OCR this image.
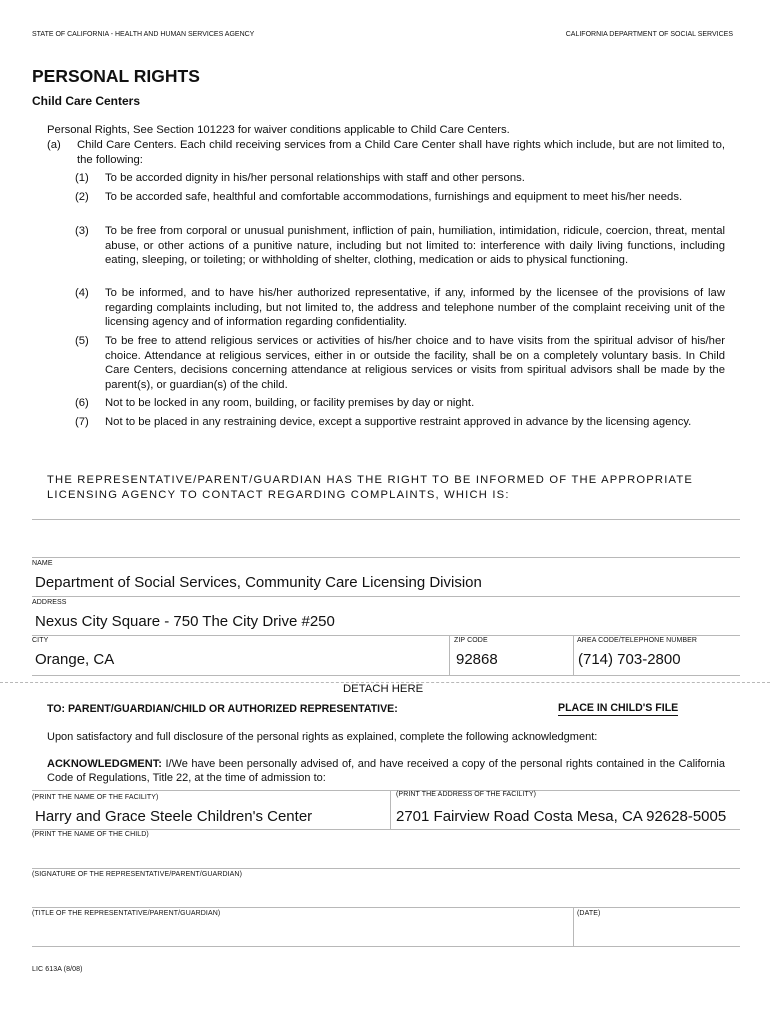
STATE OF CALIFORNIA - HEALTH AND HUMAN SERVICES AGENCY	CALIFORNIA DEPARTMENT OF SOCIAL SERVICES
PERSONAL RIGHTS
Child Care Centers
Personal Rights, See Section 101223 for waiver conditions applicable to Child Care Centers.
(a)	Child Care Centers. Each child receiving services from a Child Care Center shall have rights which include, but are not limited to, the following:
(1)	To be accorded dignity in his/her personal relationships with staff and other persons.
(2)	To be accorded safe, healthful and comfortable accommodations, furnishings and equipment to meet his/her needs.
(3)	To be free from corporal or unusual punishment, infliction of pain, humiliation, intimidation, ridicule, coercion, threat, mental abuse, or other actions of a punitive nature, including but not limited to: interference with daily living functions, including eating, sleeping, or toileting; or withholding of shelter, clothing, medication or aids to physical functioning.
(4)	To be informed, and to have his/her authorized representative, if any, informed by the licensee of the provisions of law regarding complaints including, but not limited to, the address and telephone number of the complaint receiving unit of the licensing agency and of information regarding confidentiality.
(5)	To be free to attend religious services or activities of his/her choice and to have visits from the spiritual advisor of his/her choice. Attendance at religious services, either in or outside the facility, shall be on a completely voluntary basis. In Child Care Centers, decisions concerning attendance at religious services or visits from spiritual advisors shall be made by the parent(s), or guardian(s) of the child.
(6)	Not to be locked in any room, building, or facility premises by day or night.
(7)	Not to be placed in any restraining device, except a supportive restraint approved in advance by the licensing agency.
THE REPRESENTATIVE/PARENT/GUARDIAN HAS THE RIGHT TO BE INFORMED OF THE APPROPRIATE LICENSING AGENCY TO CONTACT REGARDING COMPLAINTS, WHICH IS:
NAME
Department of Social Services, Community Care Licensing Division
ADDRESS
Nexus City Square - 750 The City Drive #250
CITY
Orange, CA
ZIP CODE
92868
AREA CODE/TELEPHONE NUMBER
(714) 703-2800
DETACH HERE
TO: PARENT/GUARDIAN/CHILD OR AUTHORIZED REPRESENTATIVE:	PLACE IN CHILD'S FILE
Upon satisfactory and full disclosure of the personal rights as explained, complete the following acknowledgment:
ACKNOWLEDGMENT: I/We have been personally advised of, and have received a copy of the personal rights contained in the California Code of Regulations, Title 22, at the time of admission to:
(PRINT THE NAME OF THE FACILITY)
Harry and Grace Steele Children's Center
(PRINT THE ADDRESS OF THE FACILITY)
2701 Fairview Road Costa Mesa, CA 92628-5005
(PRINT THE NAME OF THE CHILD)
(SIGNATURE OF THE REPRESENTATIVE/PARENT/GUARDIAN)
(TITLE OF THE REPRESENTATIVE/PARENT/GUARDIAN)	(DATE)
LIC 613A (8/08)
